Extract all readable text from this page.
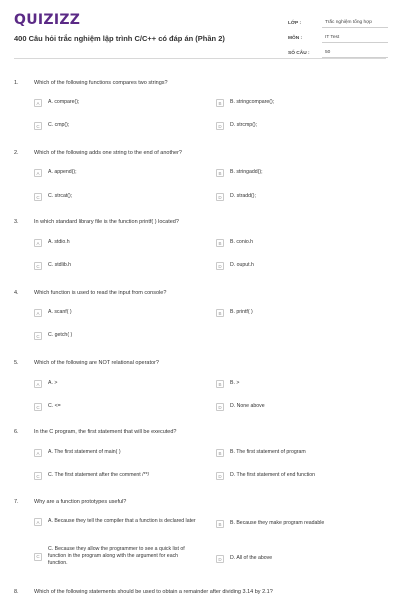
QUIZIZZ
400 Câu hỏi trắc nghiệm lập trình C/C++ có đáp án (Phần 2)
LỚP :	Trắc nghiệm tổng hợp
MÔN :	IT Test
SỐ CÂU :	50
1.	Which of the following functions compares two strings?
A	A. compare();	B	B. stringcompare();
C	C. cmp();	D	D. strcmp();
2.	Which of the following adds one string to the end of another?
A	A. append();	B	B. stringadd();
C	C. strcat();	D	D. stradd();
3.	In which standard library file is the function printf( ) located?
A	A. stdio.h	B	B. conio.h
C	C. stdlib.h	D	D. ouput.h
4.	Which function is used to read the input from console?
A	A. scanf( )	B	B. printf( )
C	C. getch( )
5.	Which of the following are NOT relational operator?
A	A. >	B	B. >
C	C. <=	D	D. None above
6.	In the C program, the first statement that will be executed?
A	A. The first statement of main( )	B	B. The first statement of program
C	C. The first statement after the comment /**/	D	D. The first statement of end function
7.	Why are a function prototypes useful?
A	A. Because they tell the compiler that a function is declared later	B	B. Because they make program readable
C
C. Because they allow the programmer to see a quick list of function in the program along with the argument for each function.
D	D. All of the above
8.	Which of the following statements should be used to obtain a remainder after dividing 3.14 by 2.1?
